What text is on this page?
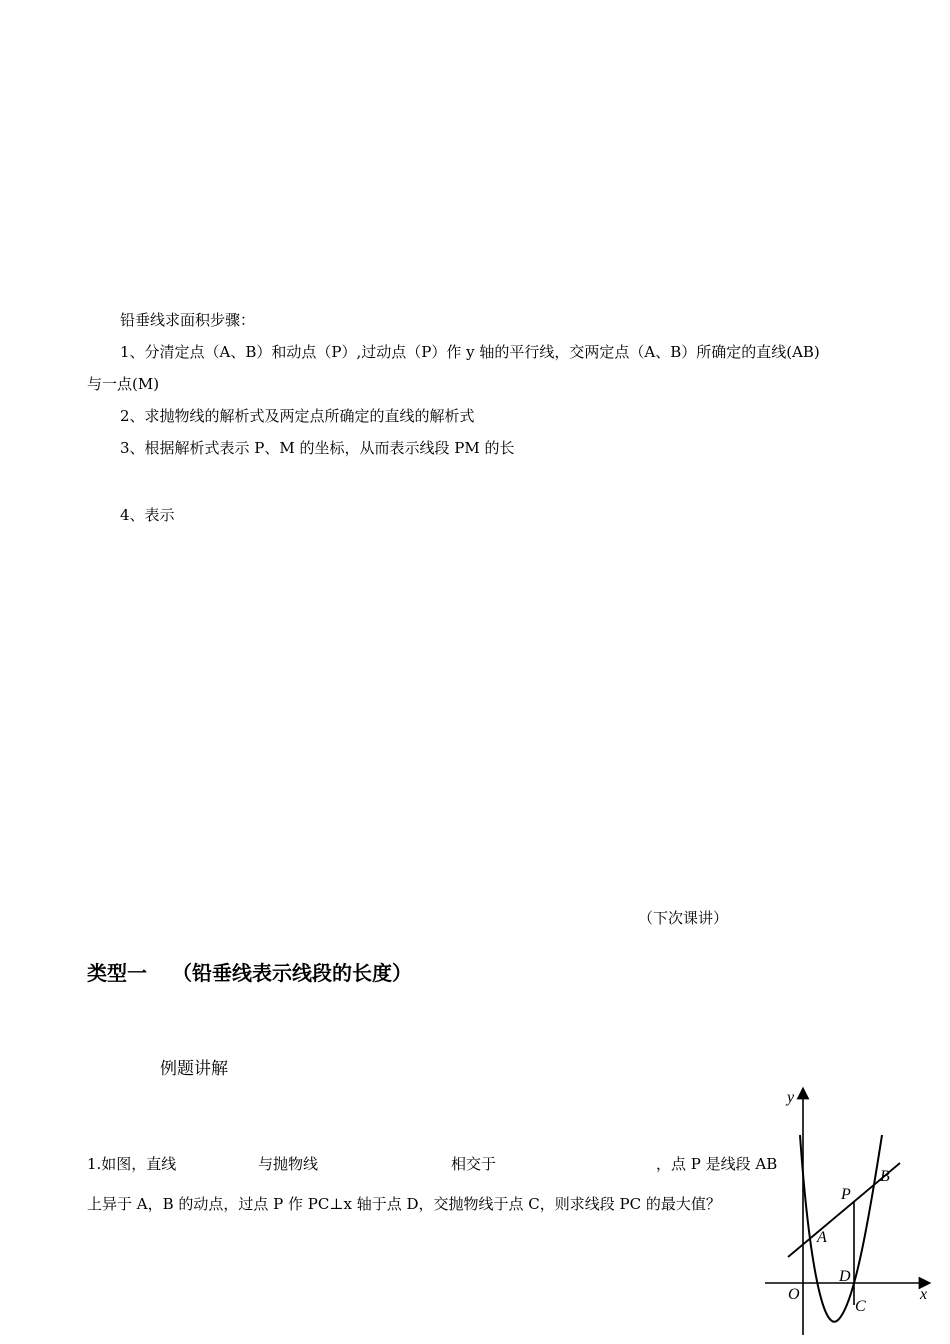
铅垂线求面积步骤：
1、分清定点（A、B）和动点（P）,过动点（P）作 y 轴的平行线，交两定点（A、B）所确定的直线(AB)
与一点(M)
2、求抛物线的解析式及两定点所确定的直线的解析式
3、根据解析式表示 P、M 的坐标，从而表示线段 PM 的长
4、表示
（下次课讲）
类型一 （铅垂线表示线段的长度）
例题讲解
1.如图，直线	与抛物线	相交于	，点 P 是线段 AB
上异于 A，B 的动点，过点 P 作 PC⊥x 轴于点 D，交抛物线于点 C，则求线段 PC 的最大值？
y
x
O
A
B
P
D
C
